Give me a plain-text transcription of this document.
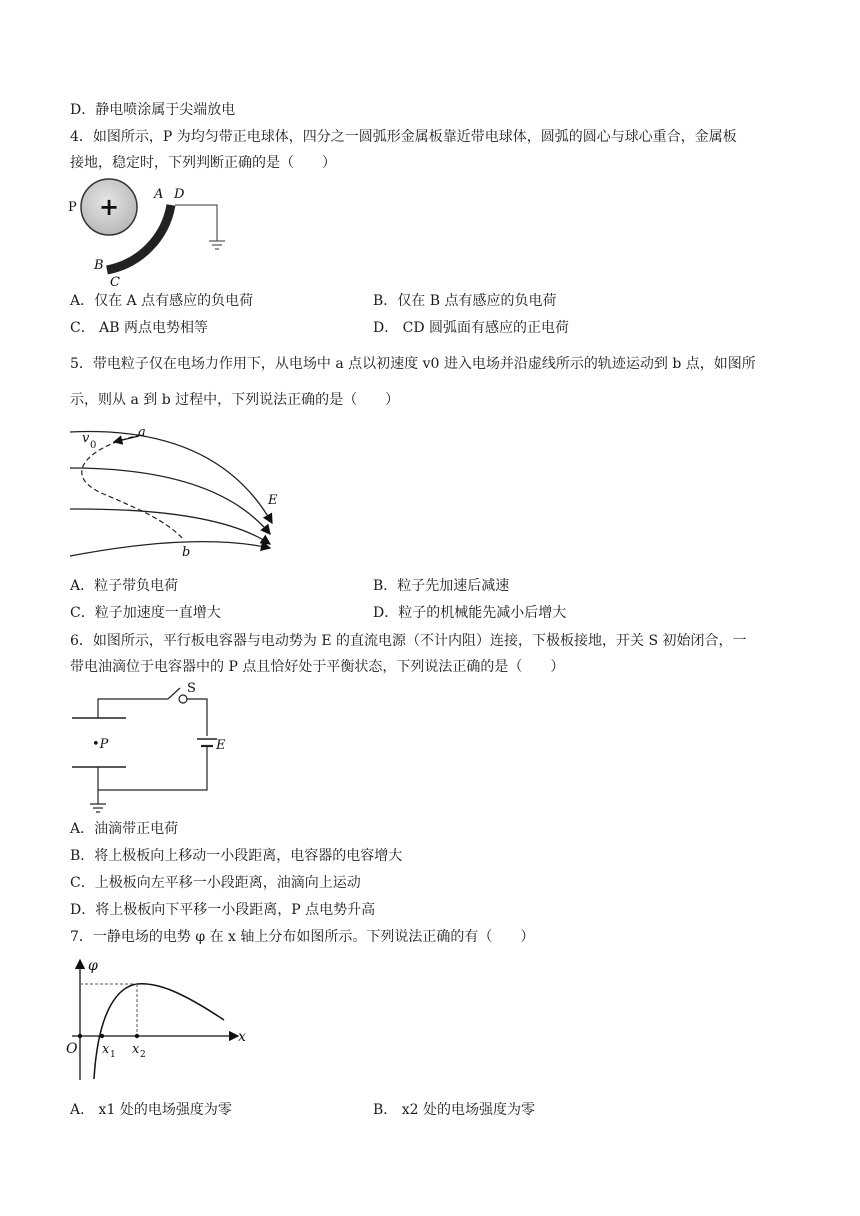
D．静电喷涂属于尖端放电
4．如图所示，P 为均匀带正电球体，四分之一圆弧形金属板靠近带电球体，圆弧的圆心与球心重合，金属板
接地，稳定时，下列判断正确的是（　　）
+
P
A D
B
C
A．仅在 A 点有感应的负电荷	B．仅在 B 点有感应的负电荷
C． AB 两点电势相等	D． CD 圆弧面有感应的正电荷
5．带电粒子仅在电场力作用下，从电场中 a 点以初速度 v0 进入电场并沿虚线所示的轨迹运动到 b 点，如图所
示，则从 a 到 b 过程中，下列说法正确的是（　　）
v 0
a
E
b
A．粒子带负电荷	B．粒子先加速后减速
C．粒子加速度一直增大	D．粒子的机械能先减小后增大
6．如图所示，平行板电容器与电动势为 E 的直流电源（不计内阻）连接，下极板接地，开关 S 初始闭合，一
带电油滴位于电容器中的 P 点且恰好处于平衡状态，下列说法正确的是（　　）
S
E
•P
A．油滴带正电荷
B．将上极板向上移动一小段距离，电容器的电容增大
C．上极板向左平移一小段距离，油滴向上运动
D．将上极板向下平移一小段距离，P 点电势升高
7．一静电场的电势 φ 在 x 轴上分布如图所示。下列说法正确的有（　　）
φ
x
O x 1 x 2
A． x1 处的电场强度为零	B． x2 处的电场强度为零
